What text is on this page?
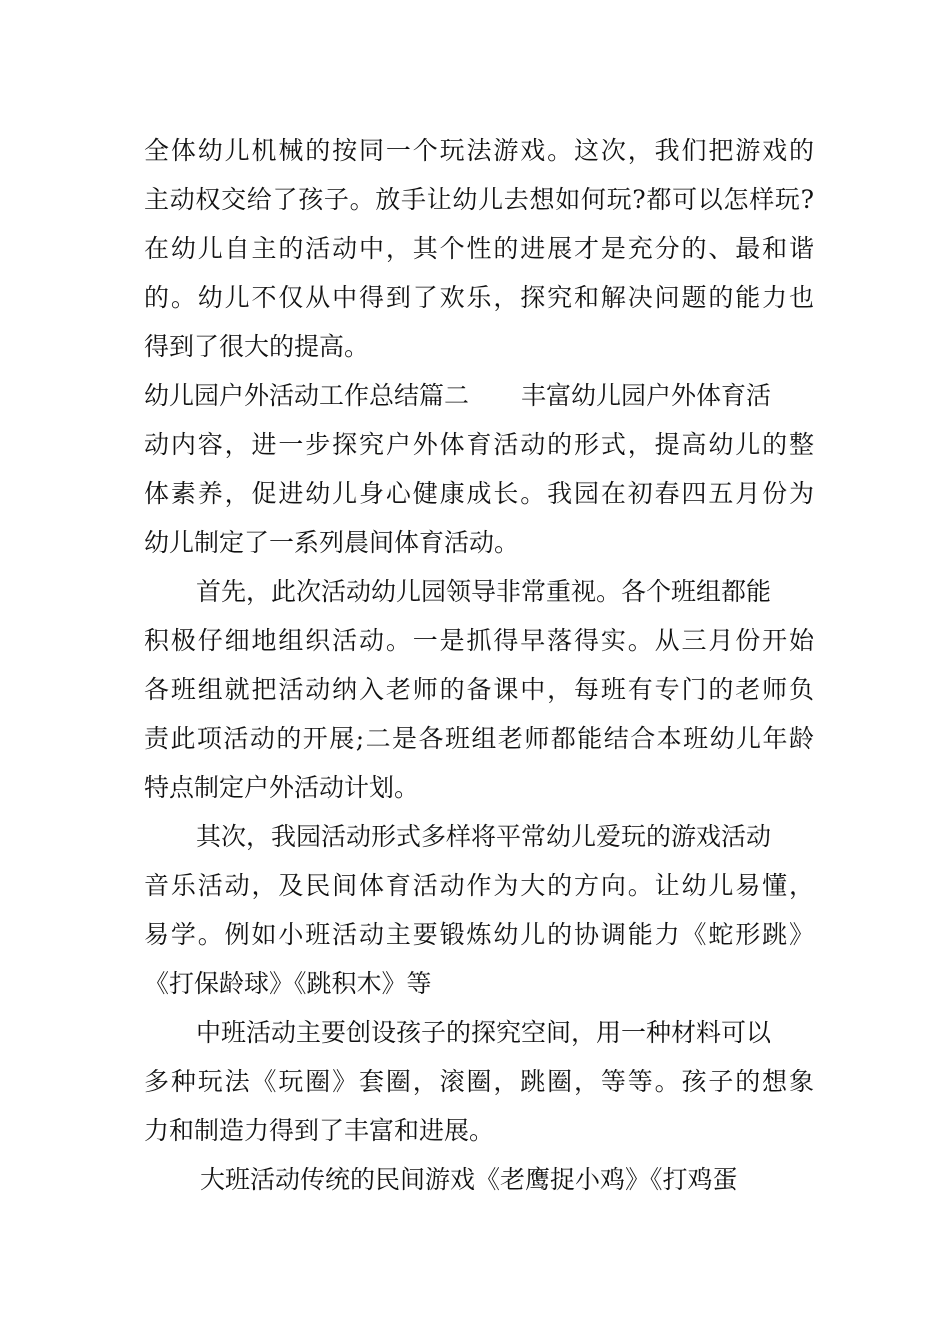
全体幼儿机械的按同一个玩法游戏。这次，我们把游戏的
主动权交给了孩子。放手让幼儿去想如何玩?都可以怎样玩?
在幼儿自主的活动中，其个性的进展才是充分的、最和谐
的。幼儿不仅从中得到了欢乐，探究和解决问题的能力也
得到了很大的提高。
幼儿园户外活动工作总结篇二 丰富幼儿园户外体育活
动内容，进一步探究户外体育活动的形式，提高幼儿的整
体素养，促进幼儿身心健康成长。我园在初春四五月份为
幼儿制定了一系列晨间体育活动。
首先，此次活动幼儿园领导非常重视。各个班组都能
积极仔细地组织活动。一是抓得早落得实。从三月份开始
各班组就把活动纳入老师的备课中，每班有专门的老师负
责此项活动的开展;二是各班组老师都能结合本班幼儿年龄
特点制定户外活动计划。
其次，我园活动形式多样将平常幼儿爱玩的游戏活动
音乐活动，及民间体育活动作为大的方向。让幼儿易懂，
易学。例如小班活动主要锻炼幼儿的协调能力《蛇形跳》
《打保龄球》《跳积木》等
中班活动主要创设孩子的探究空间，用一种材料可以
多种玩法《玩圈》套圈，滚圈，跳圈，等等。孩子的想象
力和制造力得到了丰富和进展。
大班活动传统的民间游戏《老鹰捉小鸡》《打鸡蛋
